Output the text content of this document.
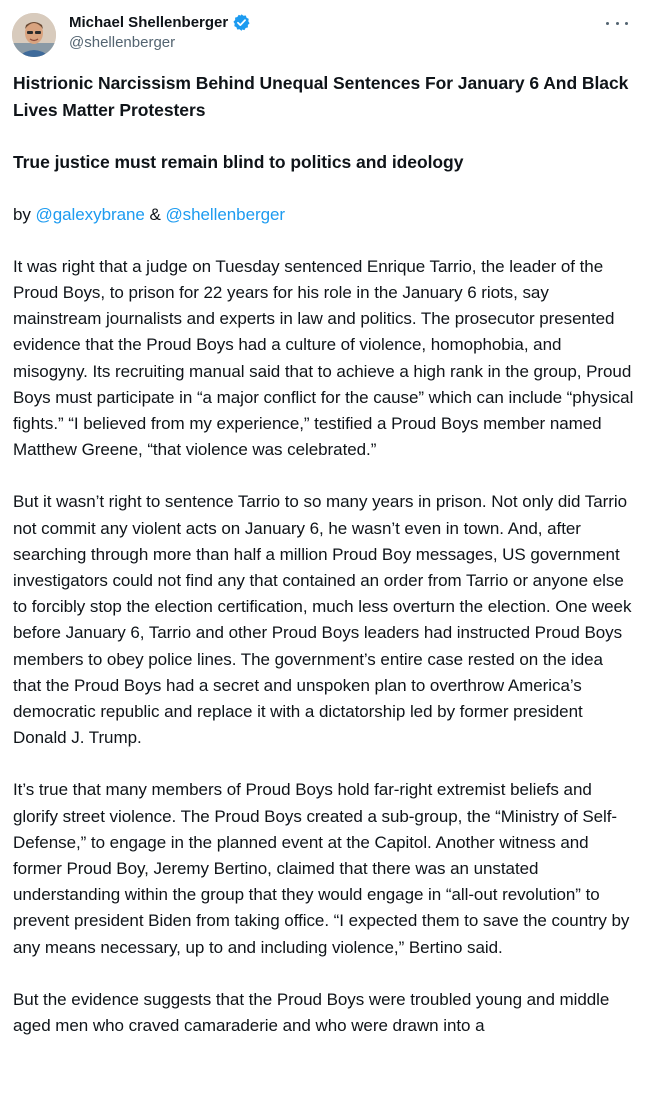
Michael Shellenberger
@shellenberger
Histrionic Narcissism Behind Unequal Sentences For January 6 And Black Lives Matter Protesters
True justice must remain blind to politics and ideology
by @galexybrane & @shellenberger
It was right that a judge on Tuesday sentenced Enrique Tarrio, the leader of the Proud Boys, to prison for 22 years for his role in the January 6 riots, say mainstream journalists and experts in law and politics. The prosecutor presented evidence that the Proud Boys had a culture of violence, homophobia, and misogyny. Its recruiting manual said that to achieve a high rank in the group, Proud Boys must participate in “a major conflict for the cause” which can include “physical fights.” “I believed from my experience,” testified a Proud Boys member named Matthew Greene, “that violence was celebrated.”
But it wasn’t right to sentence Tarrio to so many years in prison. Not only did Tarrio not commit any violent acts on January 6, he wasn’t even in town. And, after searching through more than half a million Proud Boy messages, US government investigators could not find any that contained an order from Tarrio or anyone else to forcibly stop the election certification, much less overturn the election. One week before January 6, Tarrio and other Proud Boys leaders had instructed Proud Boys members to obey police lines. The government’s entire case rested on the idea that the Proud Boys had a secret and unspoken plan to overthrow America’s democratic republic and replace it with a dictatorship led by former president Donald J. Trump.
It’s true that many members of Proud Boys hold far-right extremist beliefs and glorify street violence. The Proud Boys created a sub-group, the “Ministry of Self-Defense,” to engage in the planned event at the Capitol. Another witness and former Proud Boy, Jeremy Bertino, claimed that there was an unstated understanding within the group that they would engage in “all-out revolution” to prevent president Biden from taking office. “I expected them to save the country by any means necessary, up to and including violence,” Bertino said.
But the evidence suggests that the Proud Boys were troubled young and middle aged men who craved camaraderie and who were drawn into a
